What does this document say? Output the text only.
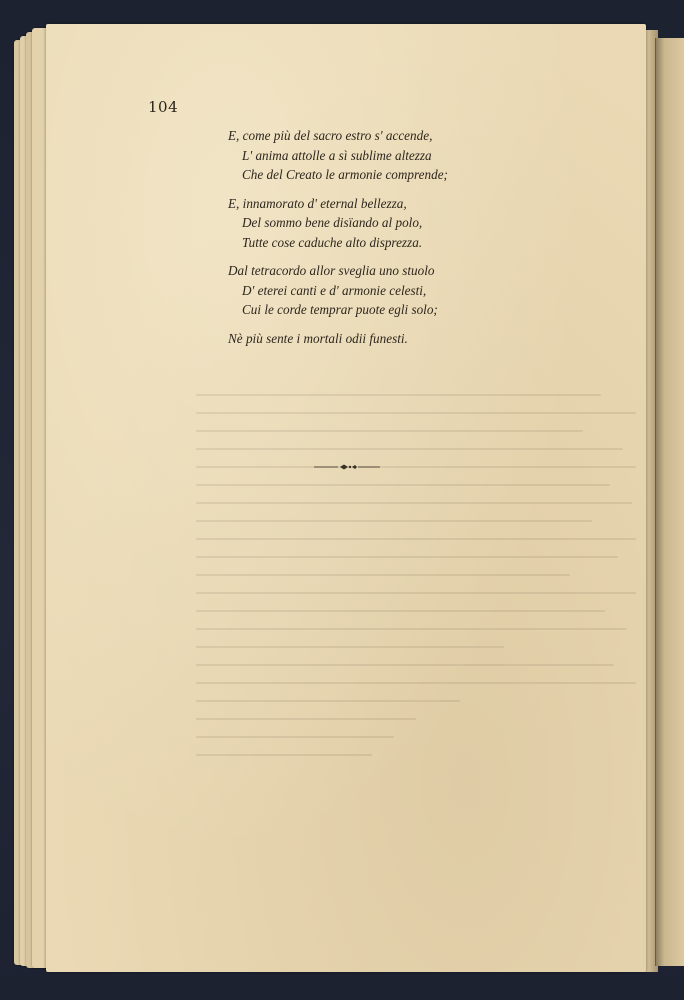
104
E, come più del sacro estro s' accende,
L' anima attolle a sì sublime altezza
Che del Creato le armonie comprende;
E, innamorato d' eternal bellezza,
Del sommo bene disïando al polo,
Tutte cose caduche alto disprezza.
Dal tetracordo allor sveglia uno stuolo
D' eterei canti e d' armonie celesti,
Cui le corde temprar puote egli solo;
Nè più sente i mortali odii funesti.
